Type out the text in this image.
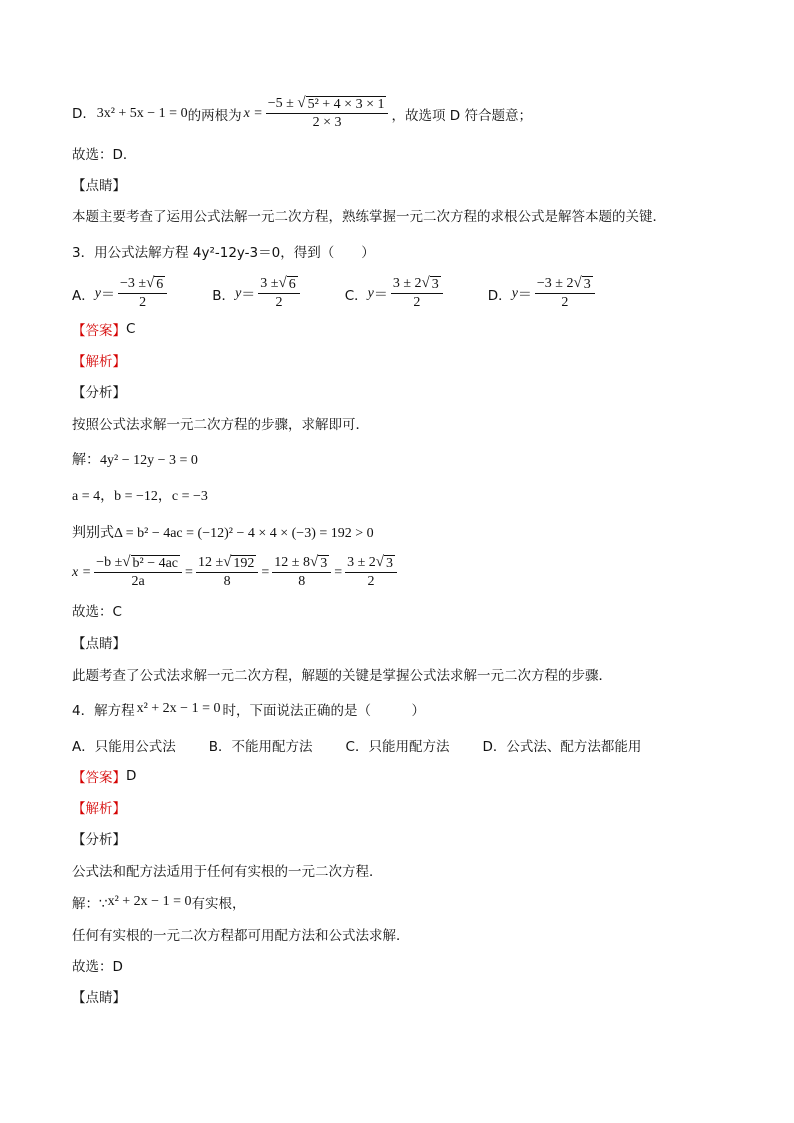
D. 3x² + 5x − 1 = 0 的两根为 $x = \frac{\text{−5 ± √ 5² + 4 × 3 × 1}}{2 \times 3}$ ，故选项 D 符合题意；
故选：D．
【点睛】
本题主要考查了运用公式法解一元二次方程，熟练掌握一元二次方程的求根公式是解答本题的关键．
3．用公式法解方程 4y²-12y-3＝0，得到（　　）
A． $y = \frac{-3 \pm √ 6}{2}$	B． $y = \frac{3 \pm √ 6}{2}$	C． $y = \frac{3 \pm 2 √ 3}{2}$	D． $y = \frac{-3 \pm 2 √ 3}{2}$
【答案】 C
【解析】
【分析】
按照公式法求解一元二次方程的步骤，求解即可．
解：4y² − 12y − 3 = 0
a = 4，b = −12，c = −3
判别式Δ = b² − 4ac = (−12)² − 4 × 4 × (−3) = 192 > 0
$x = \frac{\text{−b ± √ b² − 4ac}}{2a} = \frac{12 \pm √ 192}{8} = \frac{12 \pm 8 √ 3}{8} = \frac{3 \pm 2 √ 3}{2}$
故选：C
【点睛】
此题考查了公式法求解一元二次方程，解题的关键是掌握公式法求解一元二次方程的步骤．
4．解方程 x² + 2x − 1 = 0 时，下面说法正确的是（　　　）
A．只能用公式法 B．不能用配方法 C．只能用配方法 D．公式法、配方法都能用
【答案】 D
【解析】
【分析】
公式法和配方法适用于任何有实根的一元二次方程．
解：∵ x² + 2x − 1 = 0 有实根，
任何有实根的一元二次方程都可用配方法和公式法求解．
故选：D
【点睛】
